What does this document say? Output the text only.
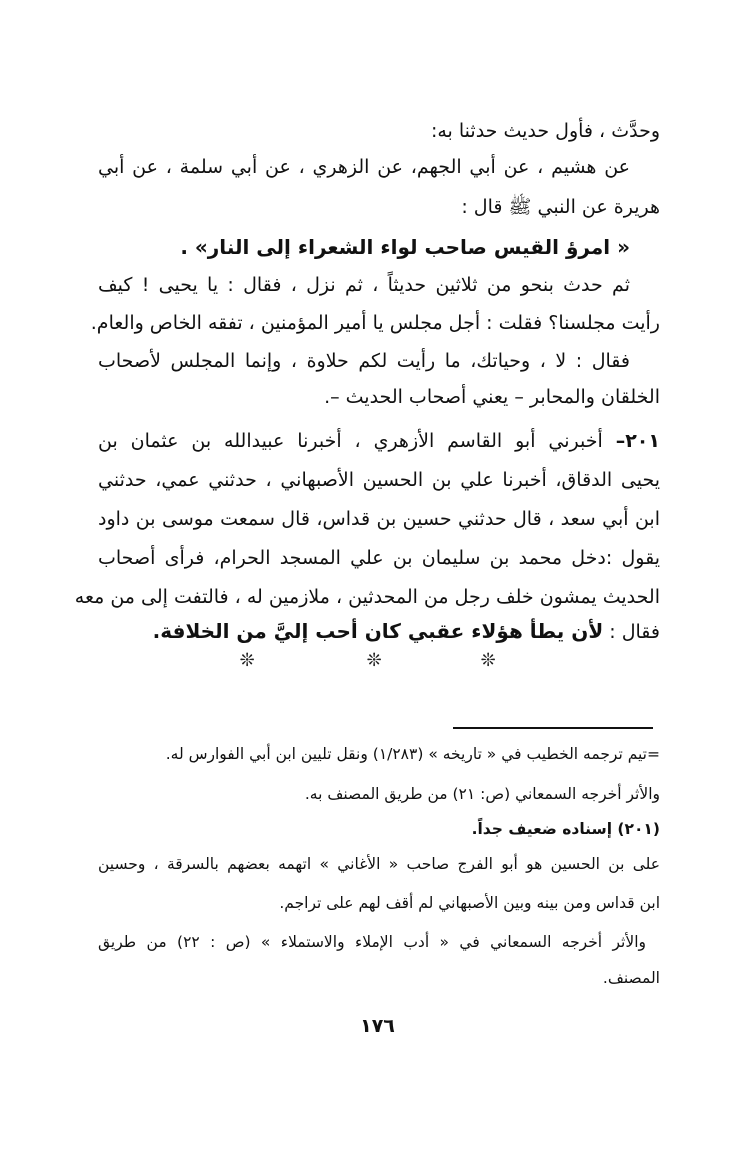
وحدَّث ، فأول حديث حدثنا به:
عن هشيم ، عن أبي الجهم، عن الزهري ، عن أبي سلمة ، عن أبي
هريرة عن النبي ﷺ قال :
« امرؤ القيس صاحب لواء الشعراء إلى النار» .
ثم حدث بنحو من ثلاثين حديثاً ، ثم نزل ، فقال : يا يحيى ! كيف
رأيت مجلسنا؟ فقلت : أجل مجلس يا أمير المؤمنين ، تفقه الخاص والعام.
فقال : لا ، وحياتك، ما رأيت لكم حلاوة ، وإنما المجلس لأصحاب
الخلقان والمحابر – يعني أصحاب الحديث –.
٢٠١– أخبرني أبو القاسم الأزهري ، أخبرنا عبيدالله بن عثمان بن
يحيى الدقاق، أخبرنا علي بن الحسين الأصبهاني ، حدثني عمي، حدثني
ابن أبي سعد ، قال حدثني حسين بن قداس، قال سمعت موسى بن داود
يقول :دخل محمد بن سليمان بن علي المسجد الحرام، فرأى أصحاب
الحديث يمشون خلف رجل من المحدثين ، ملازمين له ، فالتفت إلى من معه
فقال : لأن يطأ هؤلاء عقبي كان أحب إليَّ من الخلافة.
❊	❊	❊
=تيم ترجمه الخطيب في « تاريخه » (١/٢٨٣) ونقل تليين ابن أبي الفوارس له.
والأثر أخرجه السمعاني (ص: ٢١) من طريق المصنف به.
(٢٠١) إسناده ضعيف جداً.
على بن الحسين هو أبو الفرج صاحب « الأغاني » اتهمه بعضهم بالسرقة ، وحسين
ابن قداس ومن بينه وبين الأصبهاني لم أقف لهم على تراجم.
والأثر أخرجه السمعاني في « أدب الإملاء والاستملاء » (ص : ٢٢) من طريق
المصنف.
١٧٦
